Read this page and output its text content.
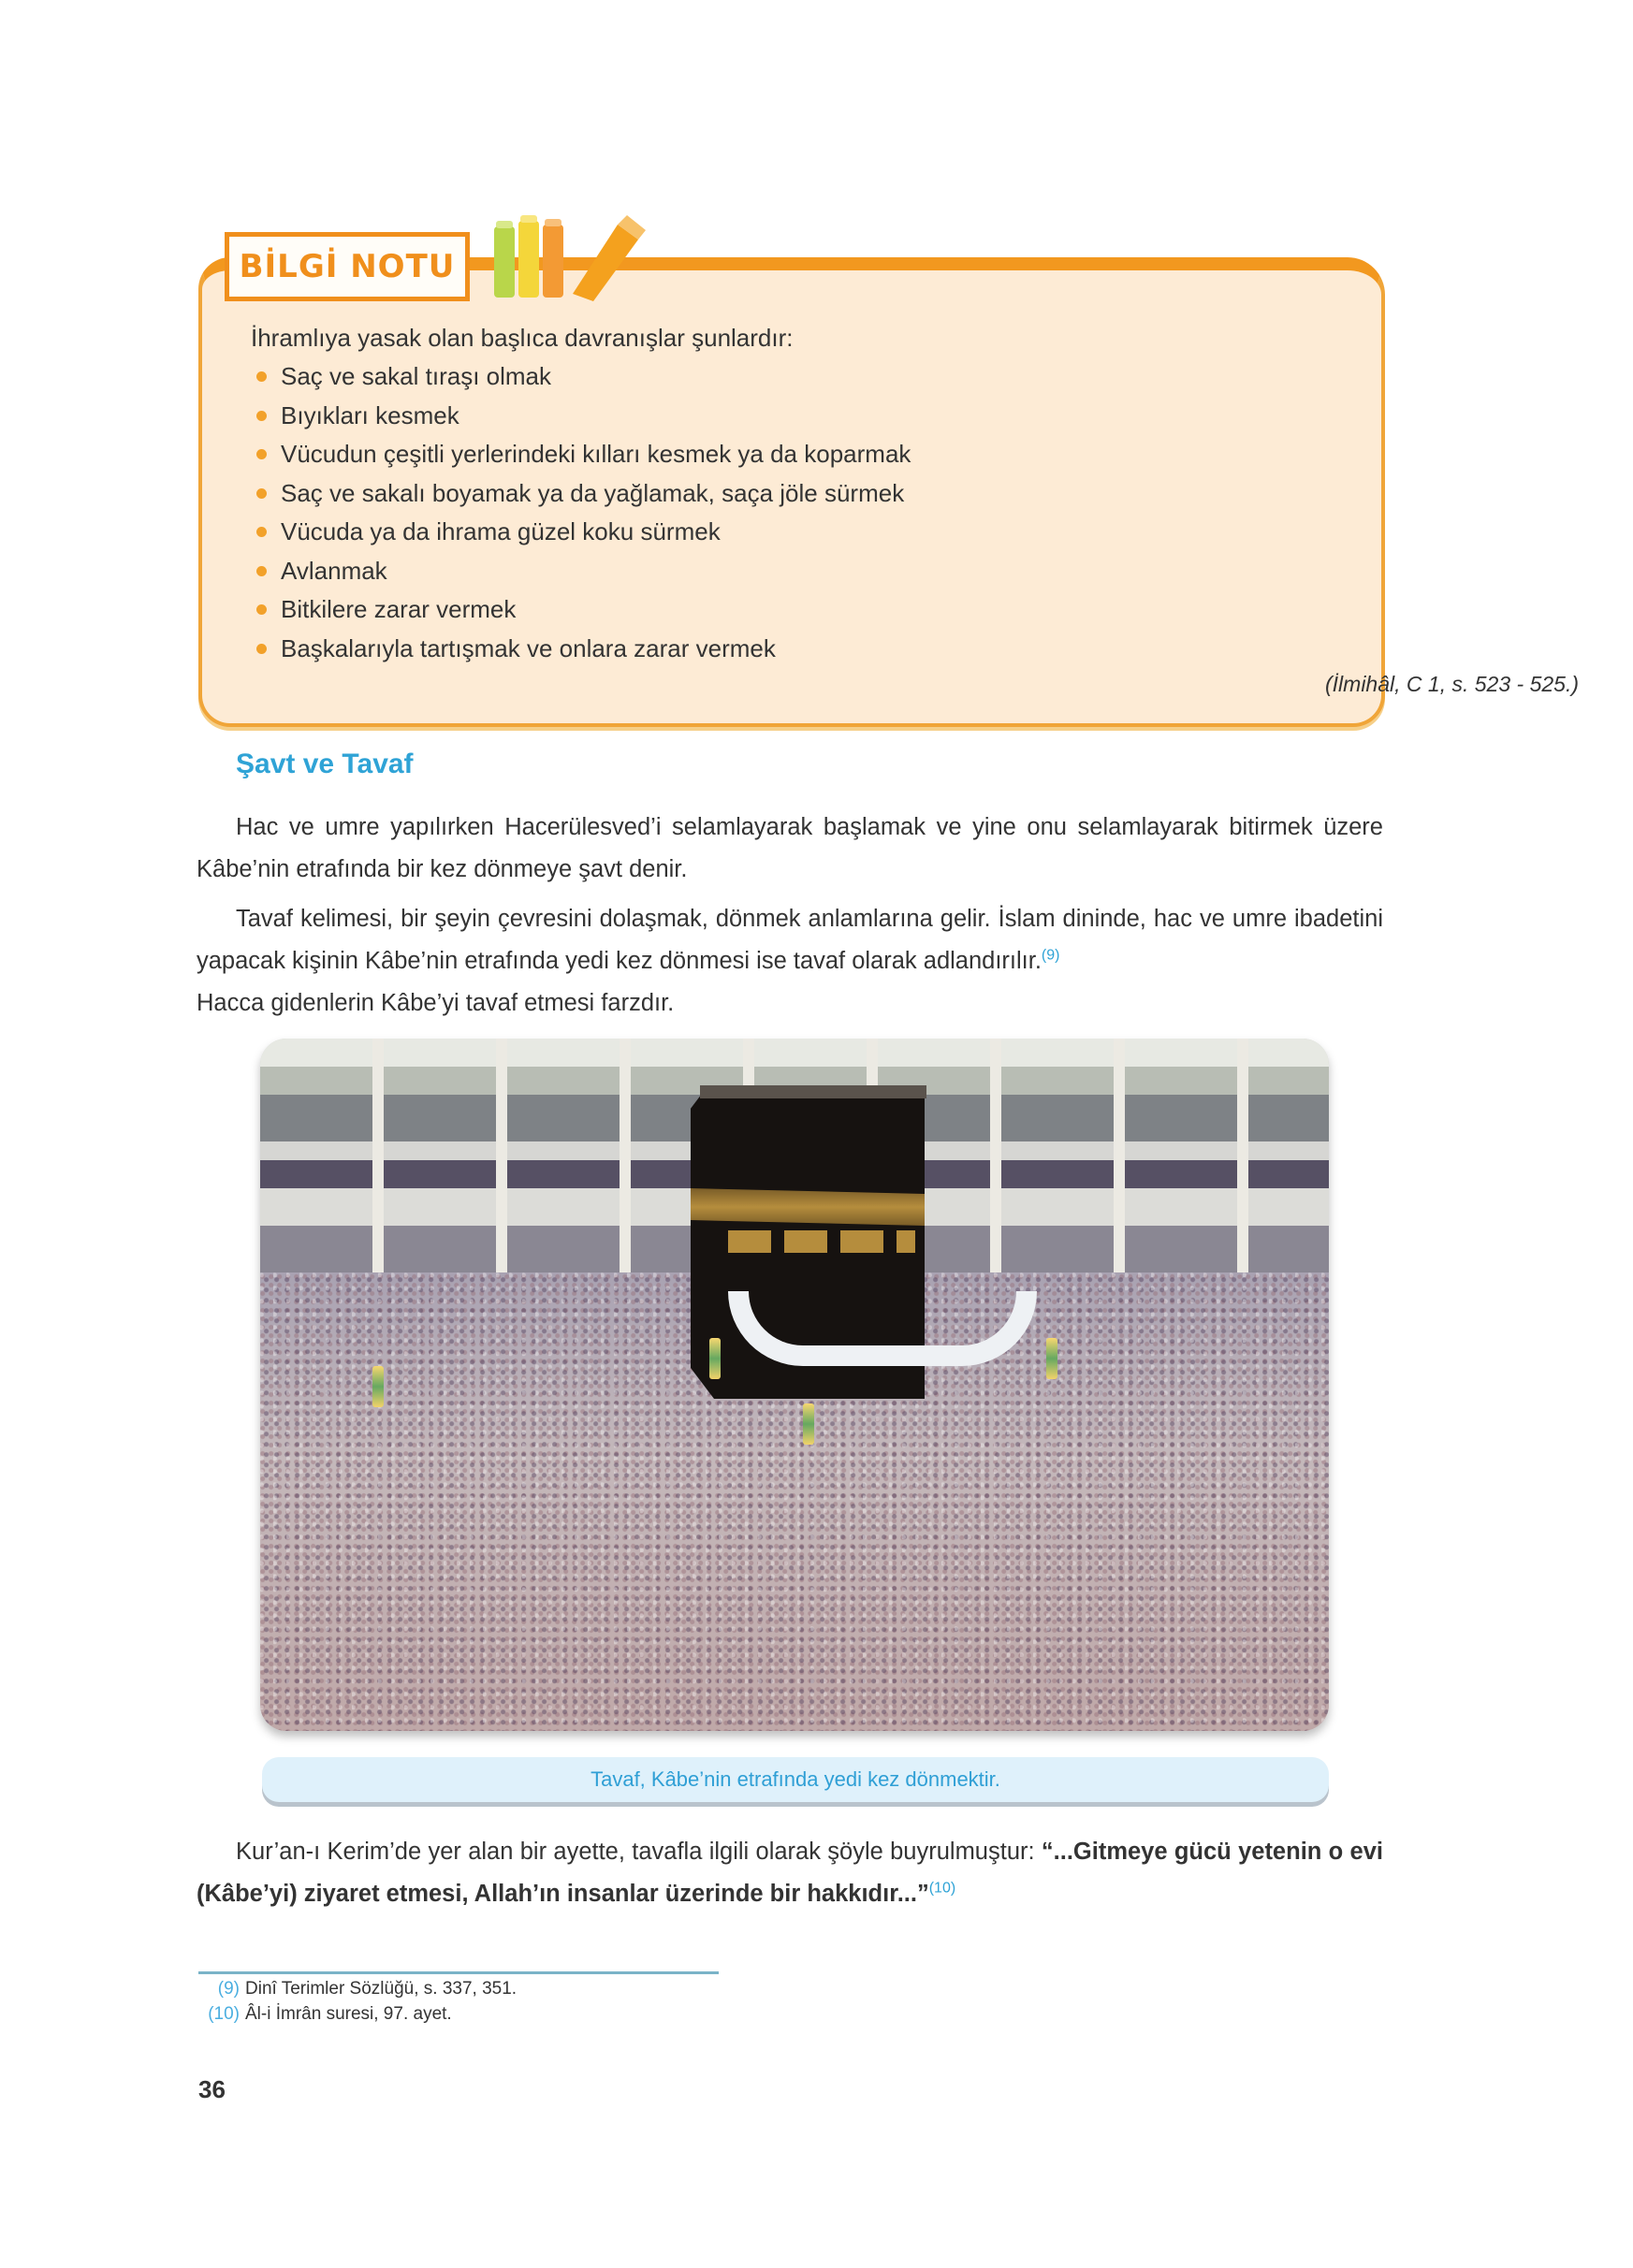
BİLGİ NOTU

İhramlıya yasak olan başlıca davranışlar şunlardır:

Saç ve sakal tıraşı olmak
Bıyıkları kesmek
Vücudun çeşitli yerlerindeki kılları kesmek ya da koparmak
Saç ve sakalı boyamak ya da yağlamak, saça jöle sürmek
Vücuda ya da ihrama güzel koku sürmek
Avlanmak
Bitkilere zarar vermek
Başkalarıyla tartışmak ve onlara zarar vermek
(İlmihâl, C 1, s. 523 - 525.)
Şavt ve Tavaf

Hac ve umre yapılırken Hacerülesved’i selamlayarak başlamak ve yine onu selamlayarak bitirmek üzere Kâbe’nin etrafında bir kez dönmeye şavt denir.

Tavaf kelimesi, bir şeyin çevresini dolaşmak, dönmek anlamlarına gelir. İslam dininde, hac ve umre ibadetini yapacak kişinin Kâbe’nin etrafında yedi kez dönmesi ise tavaf olarak adlandırılır.$^{(9)}$
Hacca gidenlerin Kâbe’yi tavaf etmesi farzdır.

Tavaf, Kâbe’nin etrafında yedi kez dönmektir.

Kur’an-ı Kerim’de yer alan bir ayette, tavafla ilgili olarak şöyle buyrulmuştur: “...Gitmeye gücü yetenin o evi (Kâbe’yi) ziyaret etmesi, Allah’ın insanlar üzerinde bir hakkıdır...”$^{(10)}$

(9) Dinî Terimler Sözlüğü, s. 337, 351.
(10) Âl-i İmrân suresi, 97. ayet.
36
